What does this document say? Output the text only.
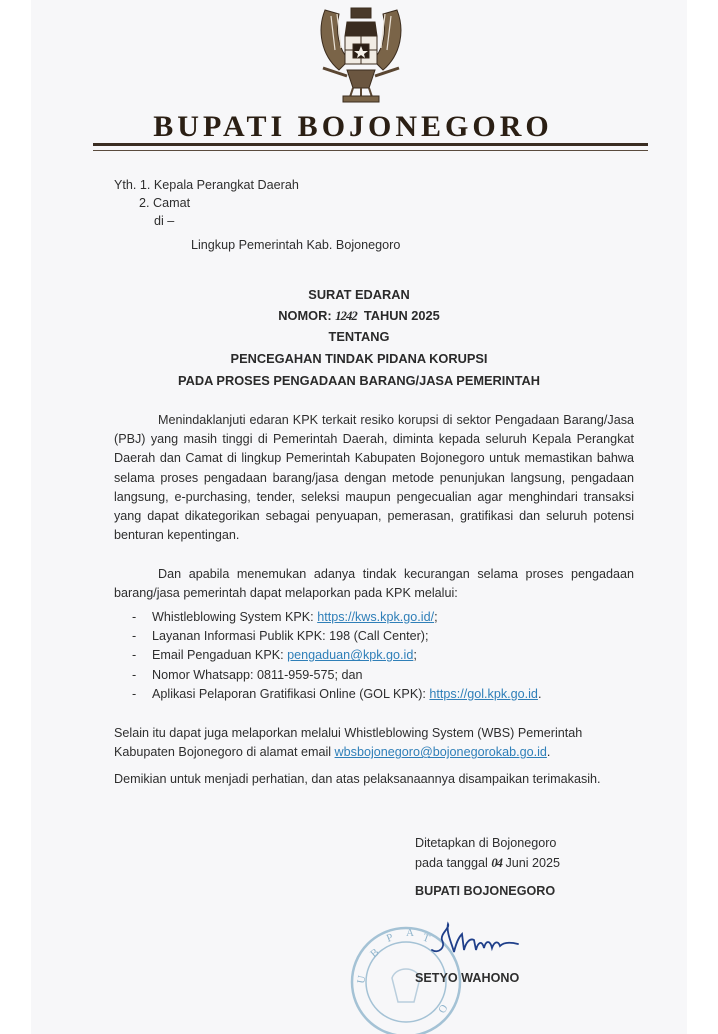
BUPATI BOJONEGORO
Yth. 1. Kepala Perangkat Daerah
2. Camat
di –
Lingkup Pemerintah Kab. Bojonegoro
SURAT EDARAN
NOMOR: 1242 TAHUN 2025
TENTANG
PENCEGAHAN TINDAK PIDANA KORUPSI
PADA PROSES PENGADAAN BARANG/JASA PEMERINTAH
Menindaklanjuti edaran KPK terkait resiko korupsi di sektor Pengadaan Barang/Jasa (PBJ) yang masih tinggi di Pemerintah Daerah, diminta kepada seluruh Kepala Perangkat Daerah dan Camat di lingkup Pemerintah Kabupaten Bojonegoro untuk memastikan bahwa selama proses pengadaan barang/jasa dengan metode penunjukan langsung, pengadaan langsung, e-purchasing, tender, seleksi maupun pengecualian agar menghindari transaksi yang dapat dikategorikan sebagai penyuapan, pemerasan, gratifikasi dan seluruh potensi benturan kepentingan.
Dan apabila menemukan adanya tindak kecurangan selama proses pengadaan barang/jasa pemerintah dapat melaporkan pada KPK melalui:
- Whistleblowing System KPK: https://kws.kpk.go.id/;
- Layanan Informasi Publik KPK: 198 (Call Center);
- Email Pengaduan KPK: pengaduan@kpk.go.id;
- Nomor Whatsapp: 0811-959-575; dan
- Aplikasi Pelaporan Gratifikasi Online (GOL KPK): https://gol.kpk.go.id.
Selain itu dapat juga melaporkan melalui Whistleblowing System (WBS) Pemerintah Kabupaten Bojonegoro di alamat email wbsbojonegoro@bojonegorokab.go.id.
Demikian untuk menjadi perhatian, dan atas pelaksanaannya disampaikan terimakasih.
Ditetapkan di Bojonegoro
pada tanggal 04 Juni 2025
BUPATI BOJONEGORO
B
P A T
U
O
SETYO WAHONO
